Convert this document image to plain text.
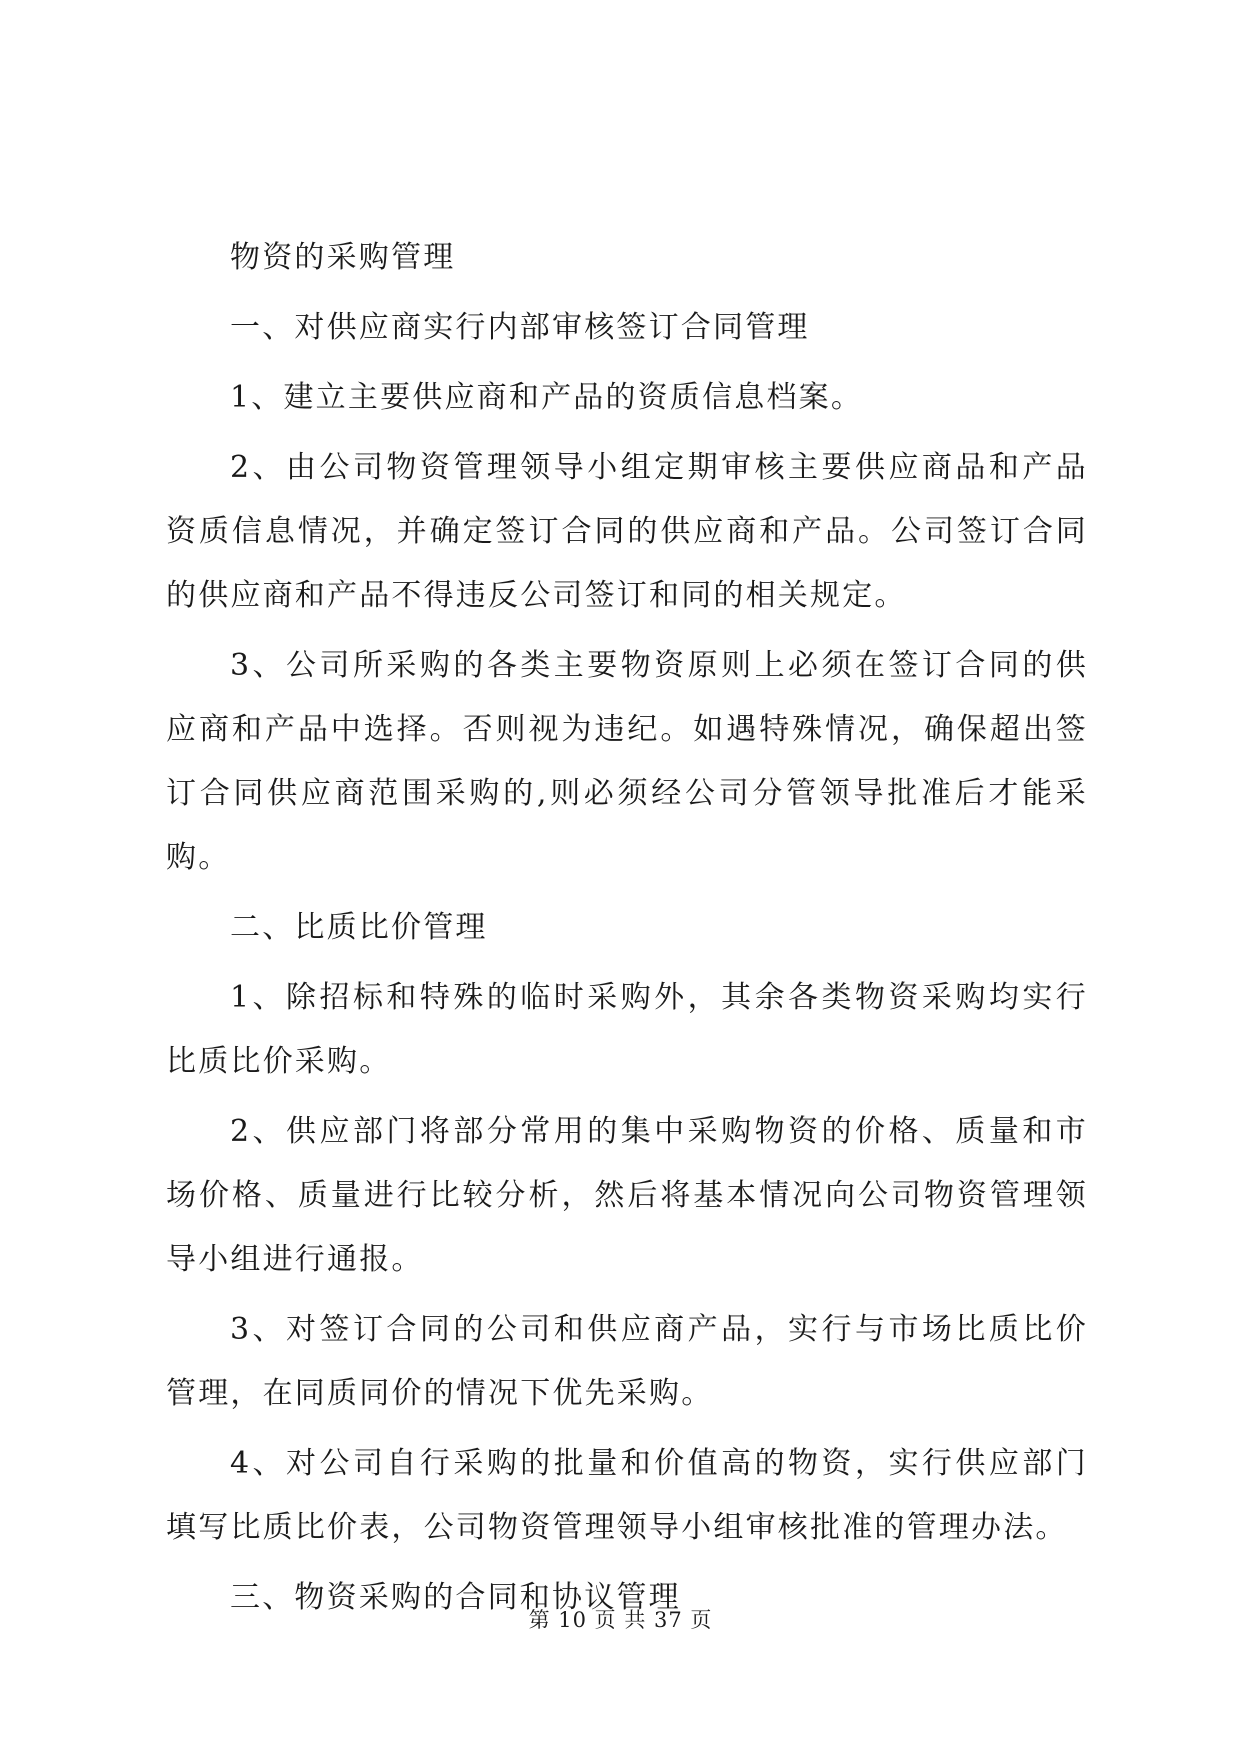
物资的采购管理

一、对供应商实行内部审核签订合同管理

1、建立主要供应商和产品的资质信息档案。

2、由公司物资管理领导小组定期审核主要供应商品和产品资质信息情况，并确定签订合同的供应商和产品。公司签订合同的供应商和产品不得违反公司签订和同的相关规定。

3、公司所采购的各类主要物资原则上必须在签订合同的供应商和产品中选择。否则视为违纪。如遇特殊情况，确保超出签订合同供应商范围采购的,则必须经公司分管领导批准后才能采购。

二、比质比价管理

1、除招标和特殊的临时采购外，其余各类物资采购均实行比质比价采购。

2、供应部门将部分常用的集中采购物资的价格、质量和市场价格、质量进行比较分析，然后将基本情况向公司物资管理领导小组进行通报。

3、对签订合同的公司和供应商产品，实行与市场比质比价管理，在同质同价的情况下优先采购。

4、对公司自行采购的批量和价值高的物资，实行供应部门填写比质比价表，公司物资管理领导小组审核批准的管理办法。

三、物资采购的合同和协议管理

第 10 页 共 37 页
